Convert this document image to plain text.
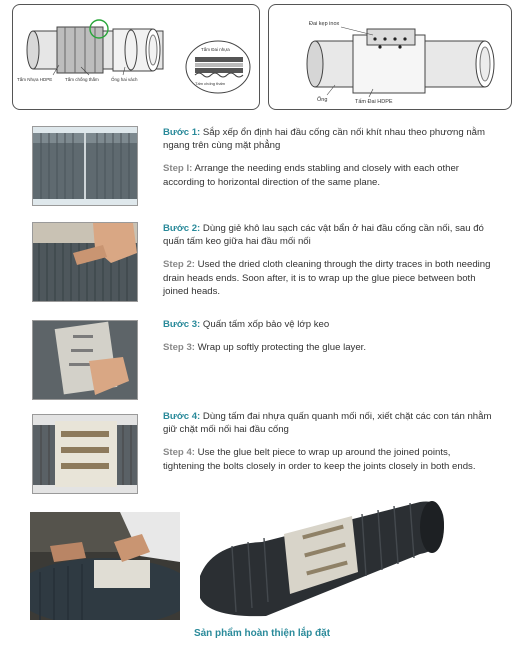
Tấm Nhựa HDPE	Tấm chống thấm	Ống hai vách
Tấm Đai nhựa
Tấm chống thấm
Đai kẹp inox
Ống	Tấm Đai HDPE

Bước 1: Sắp xếp ổn định hai đầu cống cần nối khít nhau theo phương nằm ngang trên cùng mặt phẳng

Step I: Arrange the needing ends stabling and closely with each other according to horizontal direction of the same plane.

Bước 2: Dùng giẻ khô lau sạch các vật bẩn ở hai đầu cống cần nối, sau đó quấn tấm keo giữa hai đầu mối nối

Step 2: Used the dried cloth cleaning through the dirty traces in both needing drain heads ends. Soon after, it is to wrap up the glue piece between both joined heads.

Bước 3: Quấn tấm xốp bảo vệ lớp keo

Step 3: Wrap up softly protecting the glue layer.

Bước 4: Dùng tấm đai nhựa quấn quanh mối nối, xiết chặt các con tán nhằm giữ chặt mối nối hai đầu cống

Step 4: Use the glue belt piece to wrap up around the joined points, tightening the bolts closely in order to keep the joints closely in both ends.

Sản phẩm hoàn thiện lắp đặt
